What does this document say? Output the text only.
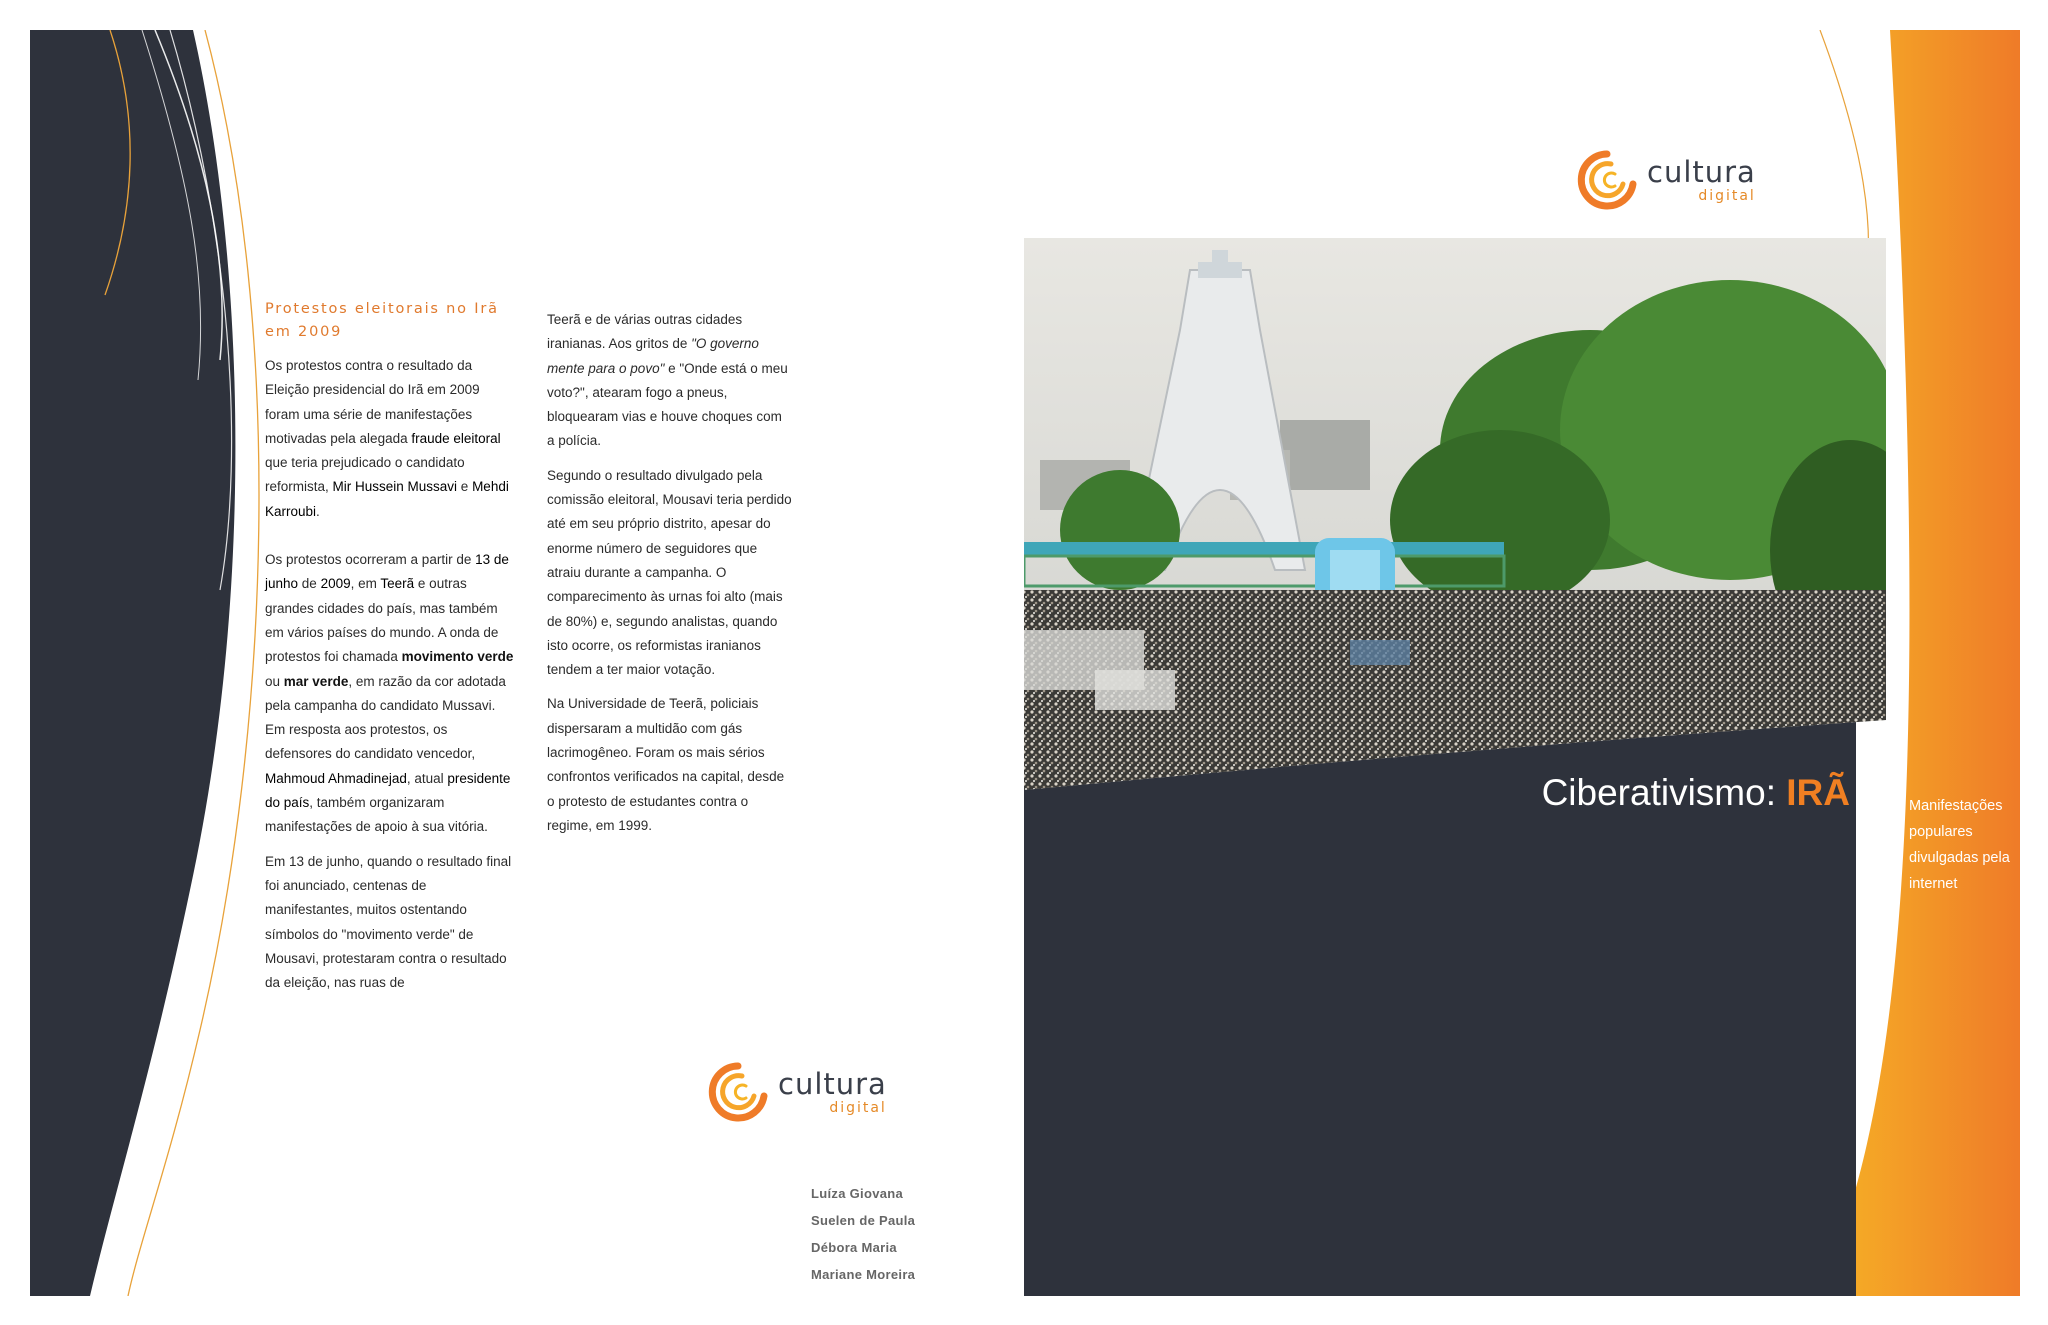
cultura
digital
Protestos eleitorais no Irã em 2009

Os protestos contra o resultado da Eleição presidencial do Irã em 2009 foram uma série de manifestações motivadas pela alegada fraude eleitoral que teria prejudicado o candidato reformista, Mir Hussein Mussavi e Mehdi Karroubi.

Os protestos ocorreram a partir de 13 de junho de 2009, em Teerã e outras grandes cidades do país, mas também em vários países do mundo. A onda de protestos foi chamada movimento verde ou mar verde, em razão da cor adotada pela campanha do candidato Mussavi. Em resposta aos protestos, os defensores do candidato vencedor, Mahmoud Ahmadinejad, atual presidente do país, também organizaram manifestações de apoio à sua vitória.

Em 13 de junho, quando o resultado final foi anunciado, centenas de manifestantes, muitos ostentando símbolos do "movimento verde" de Mousavi, protestaram contra o resultado da eleição, nas ruas de

Teerã e de várias outras cidades iranianas. Aos gritos de "O governo mente para o povo" e "Onde está o meu voto?", atearam fogo a pneus, bloquearam vias e houve choques com a polícia.

Segundo o resultado divulgado pela comissão eleitoral, Mousavi teria perdido até em seu próprio distrito, apesar do enorme número de seguidores que atraiu durante a campanha. O comparecimento às urnas foi alto (mais de 80%) e, segundo analistas, quando isto ocorre, os reformistas iranianos tendem a ter maior votação.

Na Universidade de Teerã, policiais dispersaram a multidão com gás lacrimogêneo. Foram os mais sérios confrontos verificados na capital, desde o protesto de estudantes contra o regime, em 1999.

cultura
digital
Luíza Giovana
Suelen de Paula
Débora Maria
Mariane Moreira
Ciberativismo: IRÃ	Manifestações populares divulgadas pela internet
